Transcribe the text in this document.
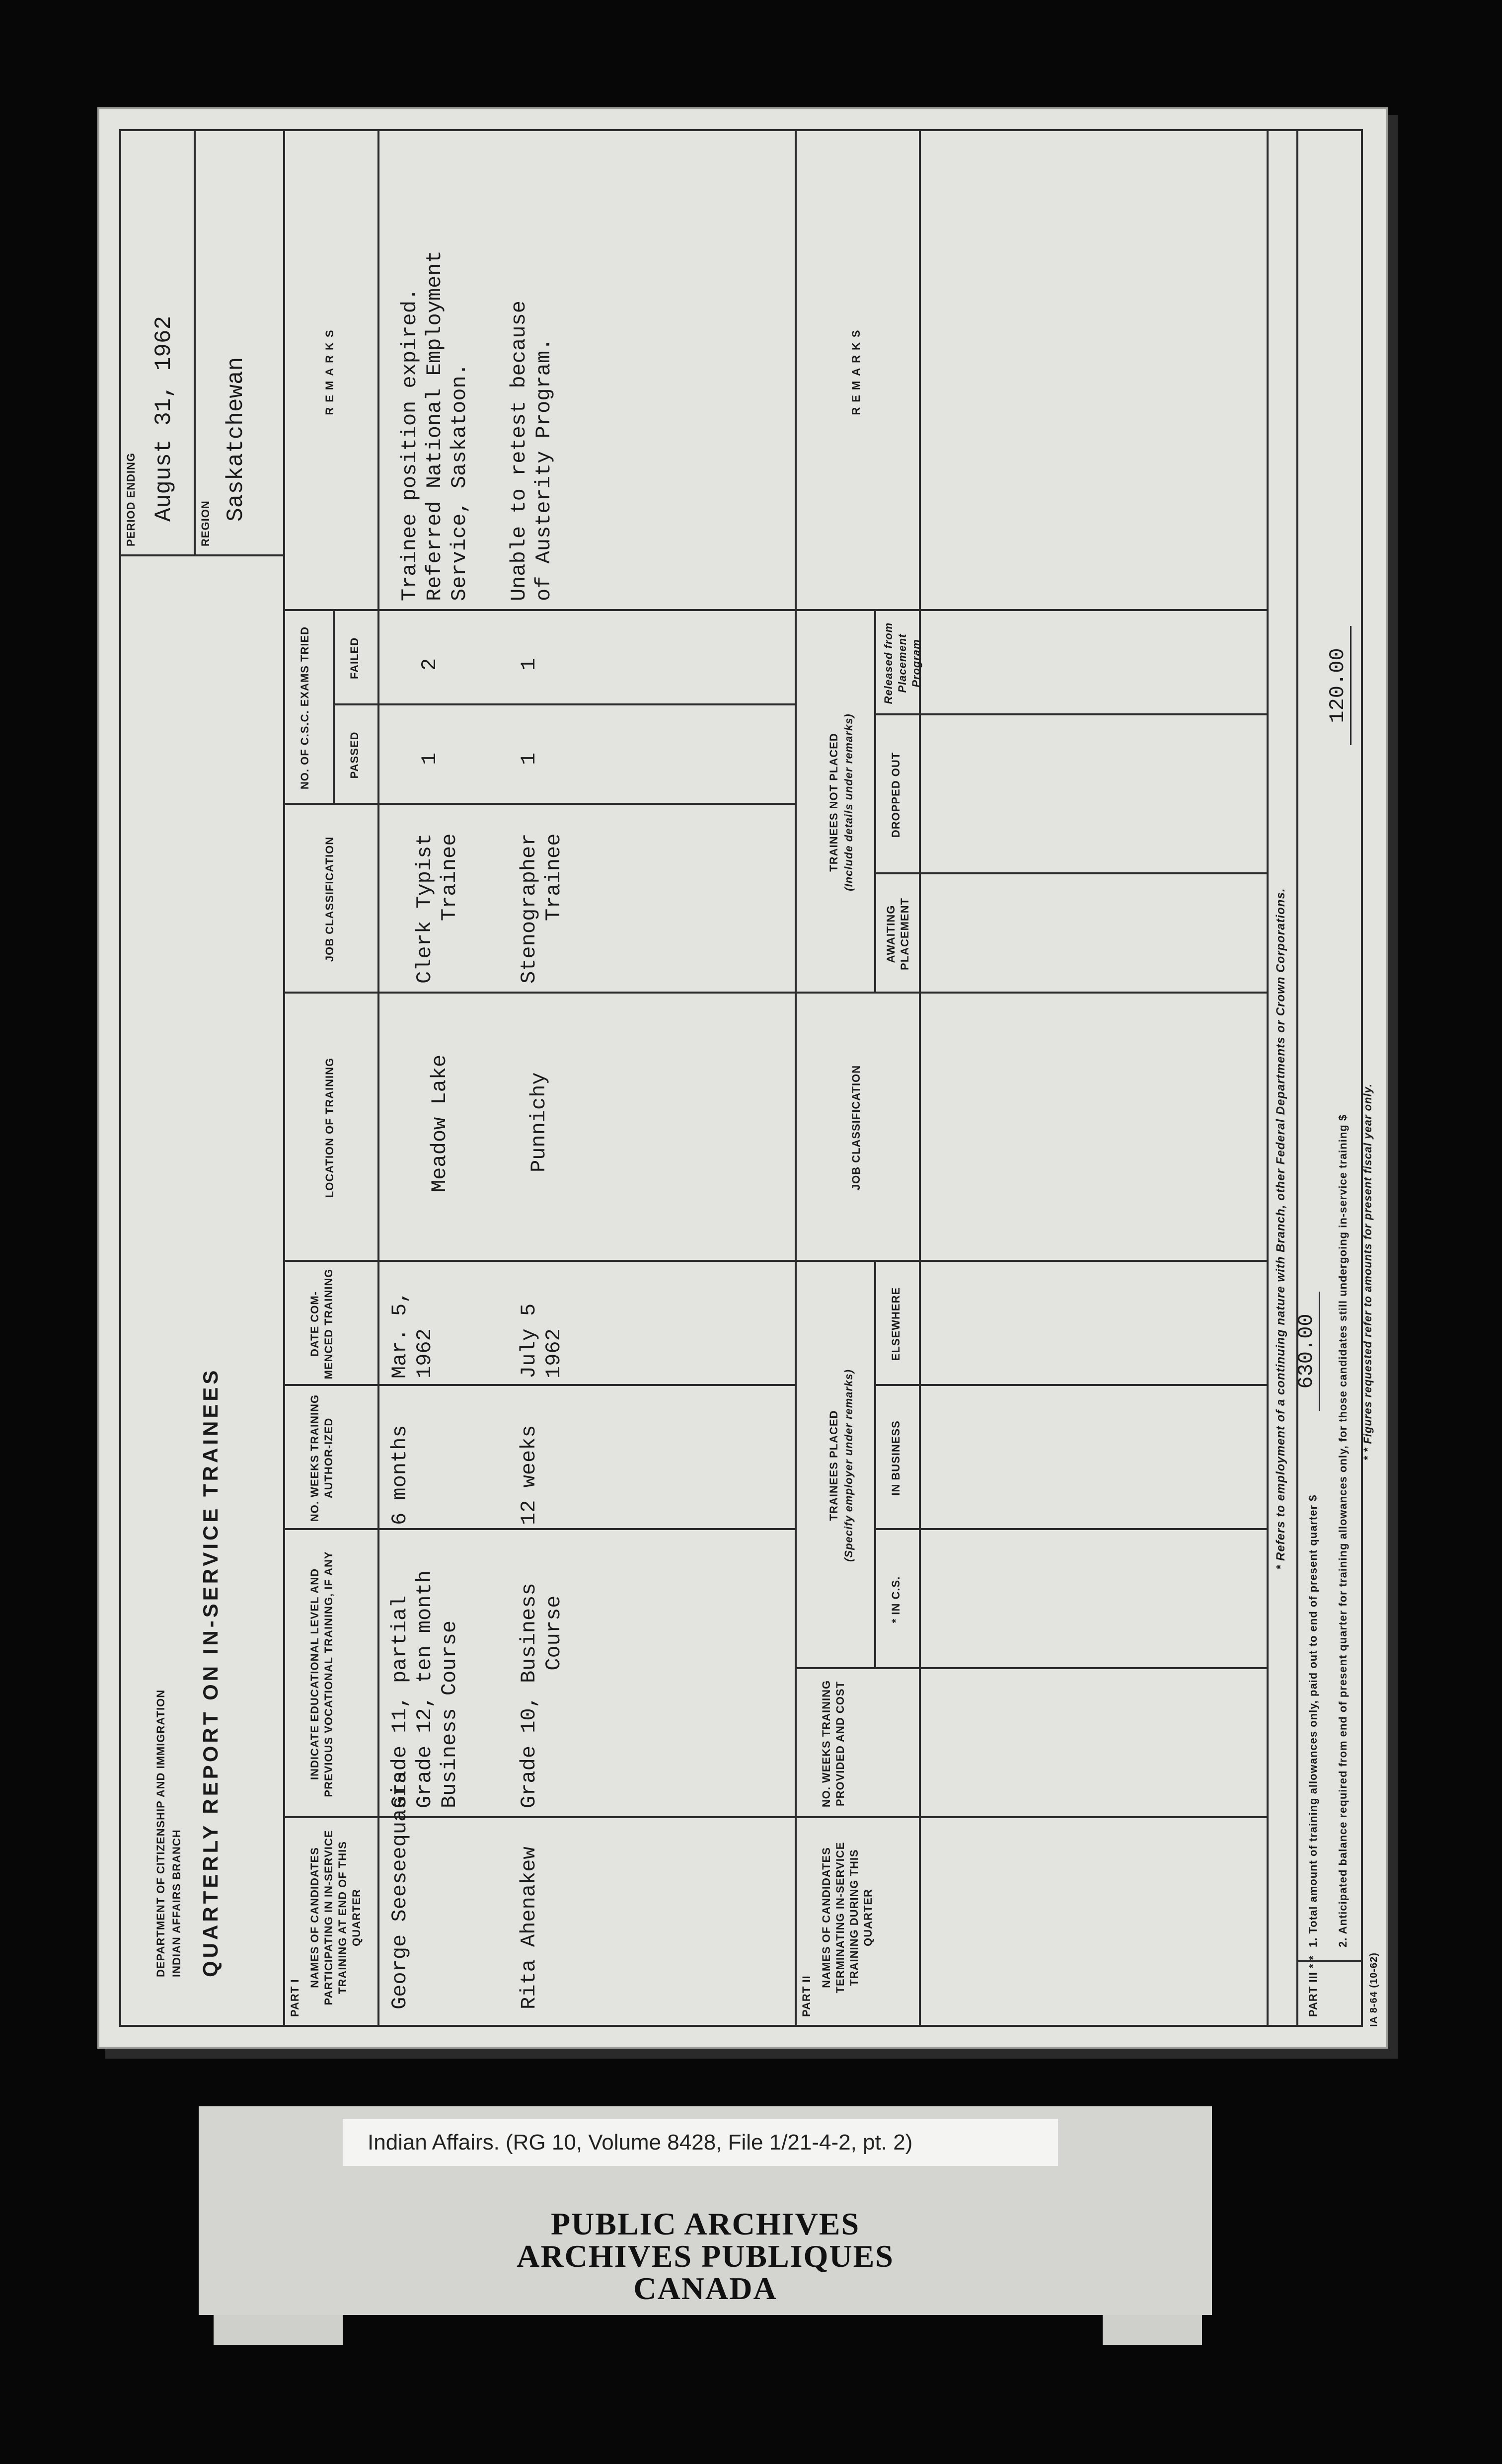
DEPARTMENT OF CITIZENSHIP AND IMMIGRATION INDIAN AFFAIRS BRANCH QUARTERLY REPORT ON IN-SERVICE TRAINEES
PERIOD ENDING August 31, 1962
REGION
Saskatchewan
PART I
NAMES OF CANDIDATES PARTICIPATING IN IN-SERVICE TRAINING AT END OF THIS QUARTER
INDICATE EDUCATIONAL LEVEL AND PREVIOUS VOCATIONAL TRAINING, IF ANY
NO. WEEKS TRAINING AUTHOR-IZED
DATE COM-MENCED TRAINING
LOCATION OF TRAINING
JOB CLASSIFICATION
NO. OF C.S.C. EXAMS TRIED	PASSED
FAILED
REMARKS
George Seeseequasis
Grade 11, partial
Grade 12, ten month
Business Course
6 months
Mar. 5,
1962
Meadow Lake
Clerk Typist
Trainee
1
2
Trainee position expired.
Referred National Employment
Service, Saskatoon.
Rita Ahenakew
Grade 10, Business
Course
12 weeks
July 5
1962
Punnichy
Stenographer
Trainee
1
1
Unable to retest because
of Austerity Program.
PART II
NAMES OF CANDIDATES TERMINATING IN-SERVICE TRAINING DURING THIS QUARTER
NO. WEEKS TRAINING PROVIDED AND COST
TRAINEES PLACED (Specify employer under remarks)
* IN C.S.
IN BUSINESS
ELSEWHERE
JOB CLASSIFICATION
TRAINEES NOT PLACED (Include details under remarks)
AWAITING PLACEMENT
DROPPED OUT
Released from Placement Program
REMARKS
* Refers to employment of a continuing nature with Branch, other Federal Departments or Crown Corporations.
PART III * *
1. Total amount of training allowances only, paid out to end of present quarter $
630.00 2. Anticipated balance required from end of present quarter for training allowances only, for those candidates still undergoing in-service training $
120.00
* * Figures requested refer to amounts for present fiscal year only.
IA 8-64 (10-62)
Indian Affairs. (RG 10, Volume 8428, File 1/21-4-2, pt. 2)
PUBLIC ARCHIVES
ARCHIVES PUBLIQUES
CANADA
